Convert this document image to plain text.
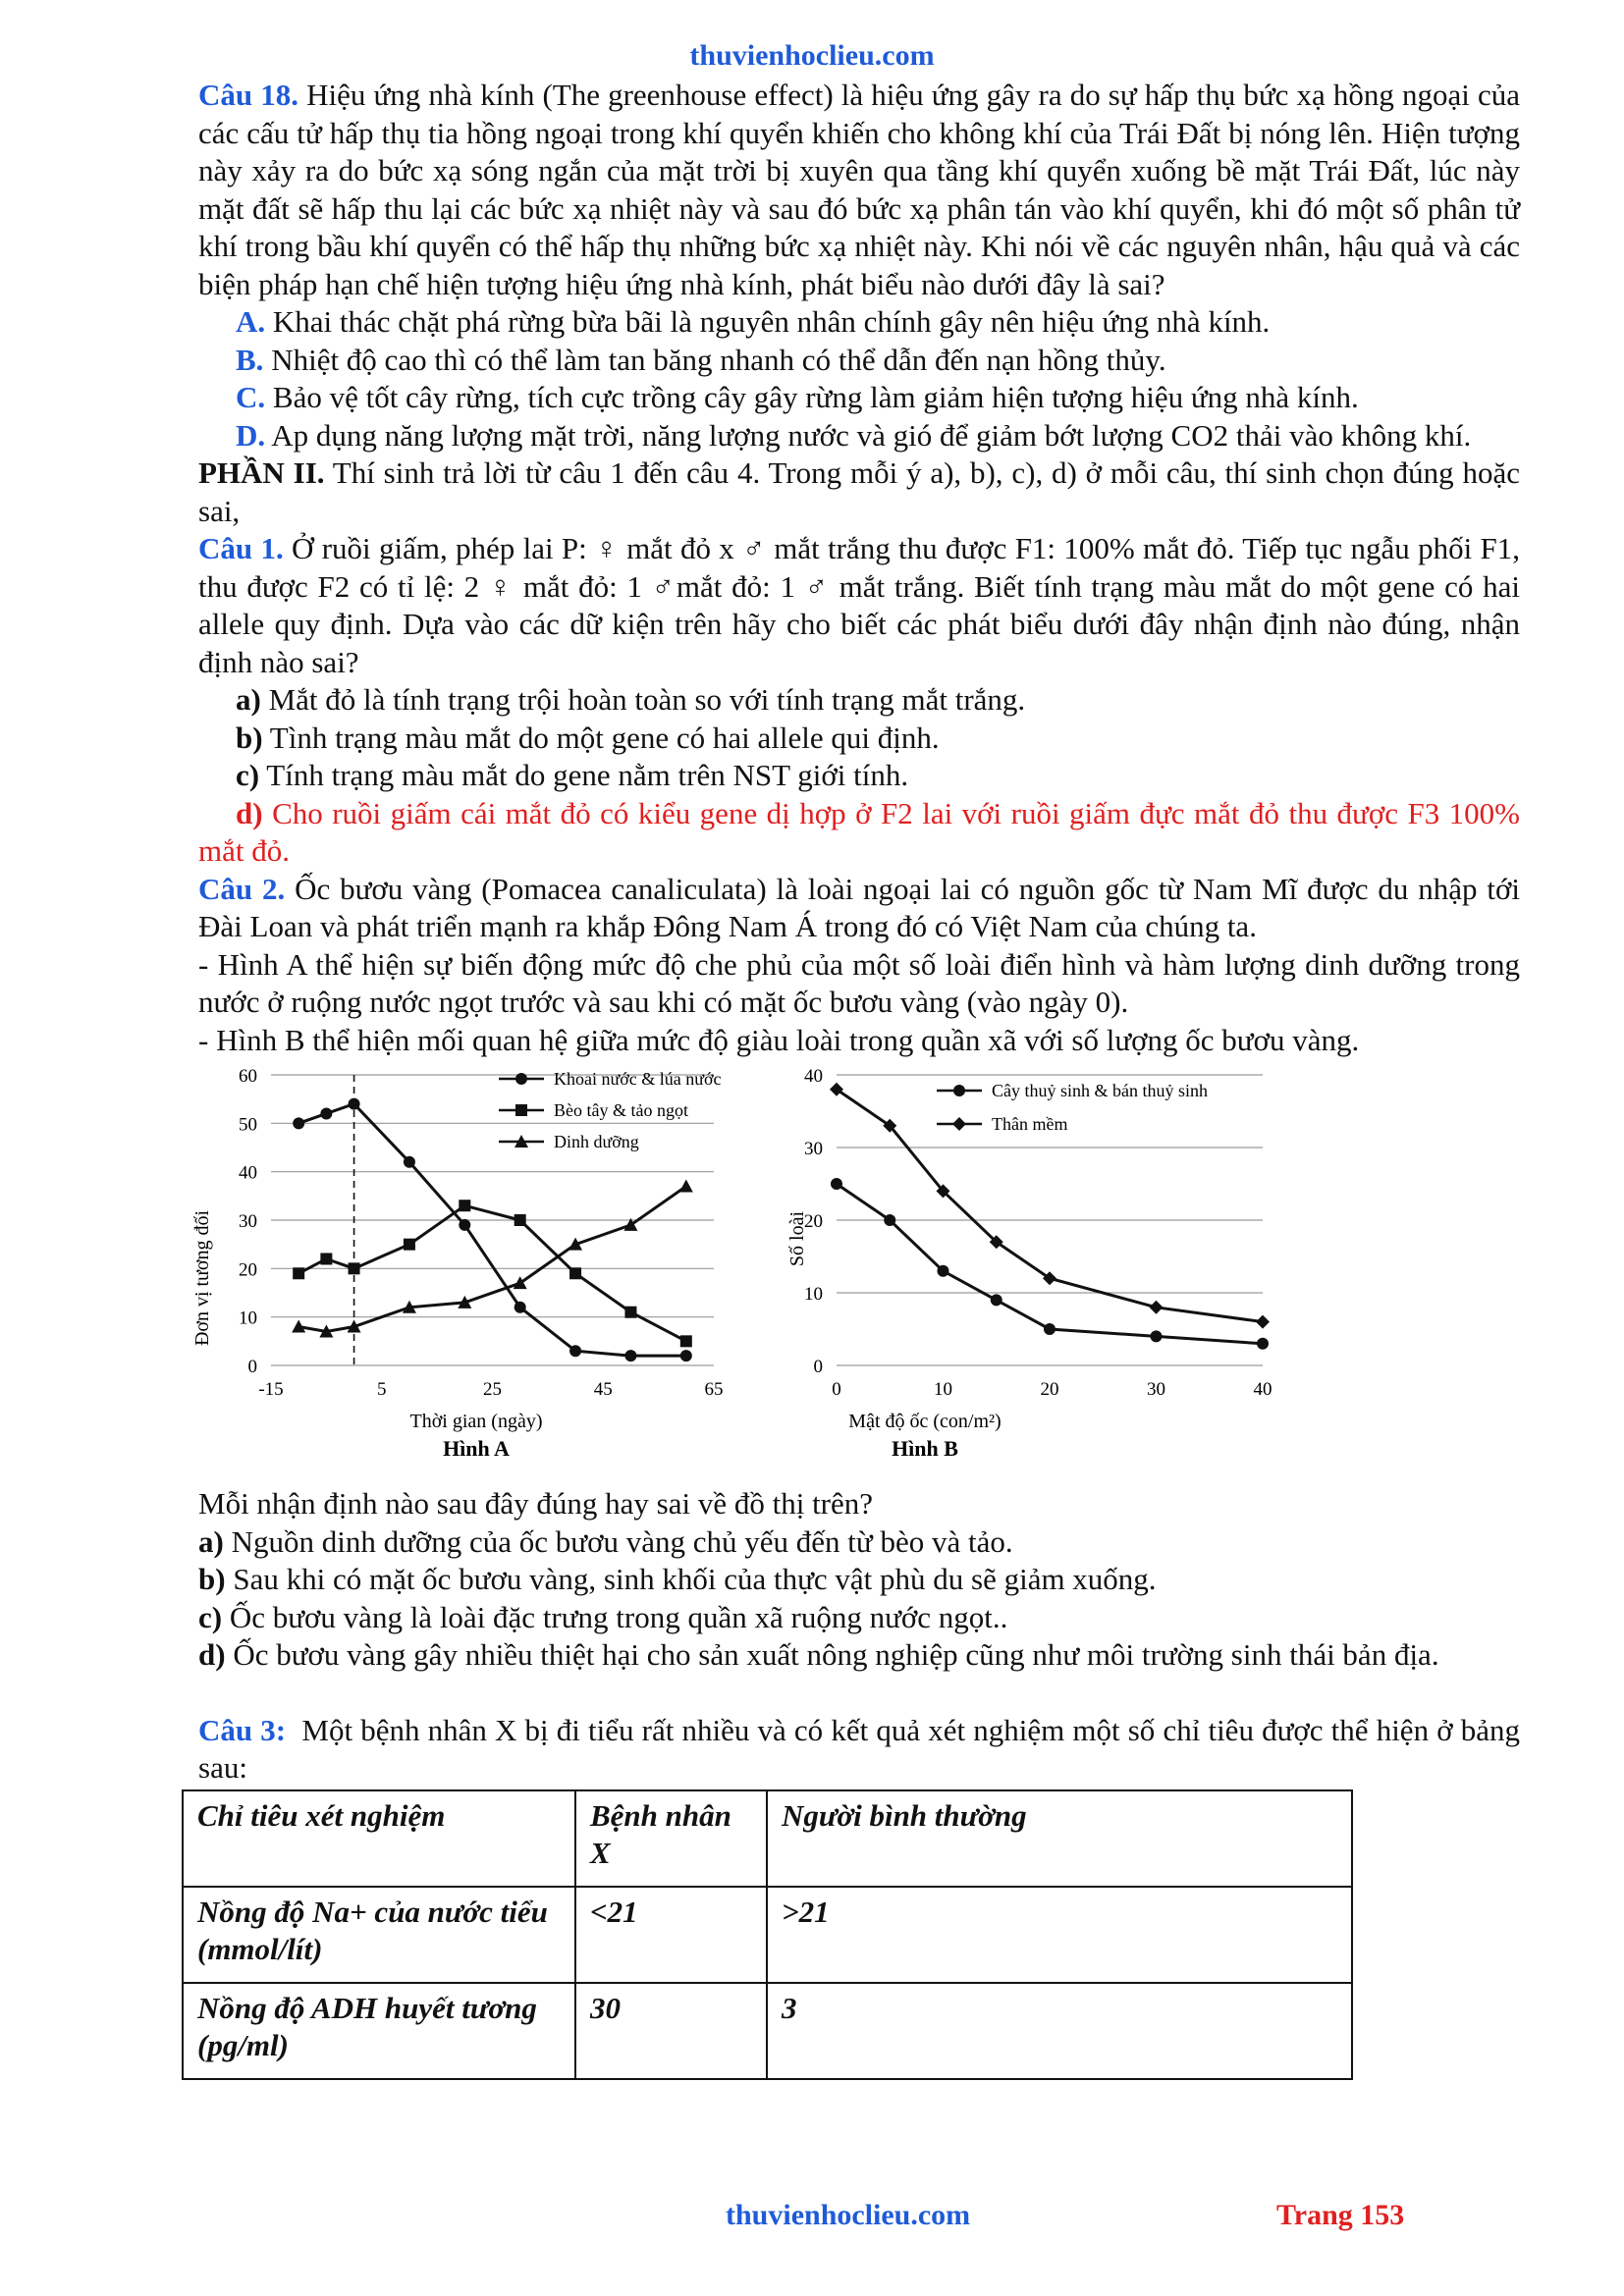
thuvienhoclieu.com

Câu 18. Hiệu ứng nhà kính (The greenhouse effect) là hiệu ứng gây ra do sự hấp thụ bức xạ hồng ngoại của các cấu tử hấp thụ tia hồng ngoại trong khí quyển khiến cho không khí của Trái Đất bị nóng lên. Hiện tượng này xảy ra do bức xạ sóng ngắn của mặt trời bị xuyên qua tầng khí quyển xuống bề mặt Trái Đất, lúc này mặt đất sẽ hấp thu lại các bức xạ nhiệt này và sau đó bức xạ phân tán vào khí quyển, khi đó một số phân tử khí trong bầu khí quyển có thể hấp thụ những bức xạ nhiệt này. Khi nói về các nguyên nhân, hậu quả và các biện pháp hạn chế hiện tượng hiệu ứng nhà kính, phát biểu nào dưới đây là sai?

A. Khai thác chặt phá rừng bừa bãi là nguyên nhân chính gây nên hiệu ứng nhà kính.

B. Nhiệt độ cao thì có thể làm tan băng nhanh có thể dẫn đến nạn hồng thủy.

C. Bảo vệ tốt cây rừng, tích cực trồng cây gây rừng làm giảm hiện tượng hiệu ứng nhà kính.

D. Ap dụng năng lượng mặt trời, năng lượng nước và gió để giảm bớt lượng CO2 thải vào không khí.

PHẦN II. Thí sinh trả lời từ câu 1 đến câu 4. Trong mỗi ý a), b), c), d) ở mỗi câu, thí sinh chọn đúng hoặc sai,

Câu 1. Ở ruồi giấm, phép lai P: ♀ mắt đỏ x ♂ mắt trắng thu được F1: 100% mắt đỏ. Tiếp tục ngẫu phối F1, thu được F2 có tỉ lệ: 2 ♀ mắt đỏ: 1 ♂mắt đỏ: 1 ♂ mắt trắng. Biết tính trạng màu mắt do một gene có hai allele quy định. Dựa vào các dữ kiện trên hãy cho biết các phát biểu dưới đây nhận định nào đúng, nhận định nào sai?

a) Mắt đỏ là tính trạng trội hoàn toàn so với tính trạng mắt trắng.

b) Tình trạng màu mắt do một gene có hai allele qui định.

c) Tính trạng màu mắt do gene nằm trên NST giới tính.

d) Cho ruồi giấm cái mắt đỏ có kiểu gene dị hợp ở F2 lai với ruồi giấm đực mắt đỏ thu được F3 100% mắt đỏ.

Câu 2. Ốc bươu vàng (Pomacea canaliculata) là loài ngoại lai có nguồn gốc từ Nam Mĩ được du nhập tới Đài Loan và phát triển mạnh ra khắp Đông Nam Á trong đó có Việt Nam của chúng ta.

- Hình A thể hiện sự biến động mức độ che phủ của một số loài điển hình và hàm lượng dinh dưỡng trong nước ở ruộng nước ngọt trước và sau khi có mặt ốc bươu vàng (vào ngày 0).

- Hình B thể hiện mối quan hệ giữa mức độ giàu loài trong quần xã với số lượng ốc bươu vàng.

Đơn vị tương đối
Thời gian (ngày)
Hình A
0
10
20
30
40
50
60
-15	5	25	45	65
Khoai nước & lúa nước
Bèo tây & tảo ngọt
Dinh dưỡng
Số loài
Mật độ ốc (con/m²)
Hình B
0
10
20
30
40
0	10	20	30	40
Cây thuỷ sinh & bán thuỷ sinh
Thân mềm

Mỗi nhận định nào sau đây đúng hay sai về đồ thị trên?

a) Nguồn dinh dưỡng của ốc bươu vàng chủ yếu đến từ bèo và tảo.

b) Sau khi có mặt ốc bươu vàng, sinh khối của thực vật phù du sẽ giảm xuống.

c) Ốc bươu vàng là loài đặc trưng trong quần xã ruộng nước ngọt..

d) Ốc bươu vàng gây nhiều thiệt hại cho sản xuất nông nghiệp cũng như môi trường sinh thái bản địa.

Câu 3: Một bệnh nhân X bị đi tiểu rất nhiều và có kết quả xét nghiệm một số chỉ tiêu được thể hiện ở bảng sau:

Chỉ tiêu xét nghiệm	Bệnh nhân X	Người bình thường
Nồng độ Na+ của nước tiểu (mmol/lít)	<21	>21
Nồng độ ADH huyết tương (pg/ml)	30	3
thuvienhoclieu.com	Trang 153
